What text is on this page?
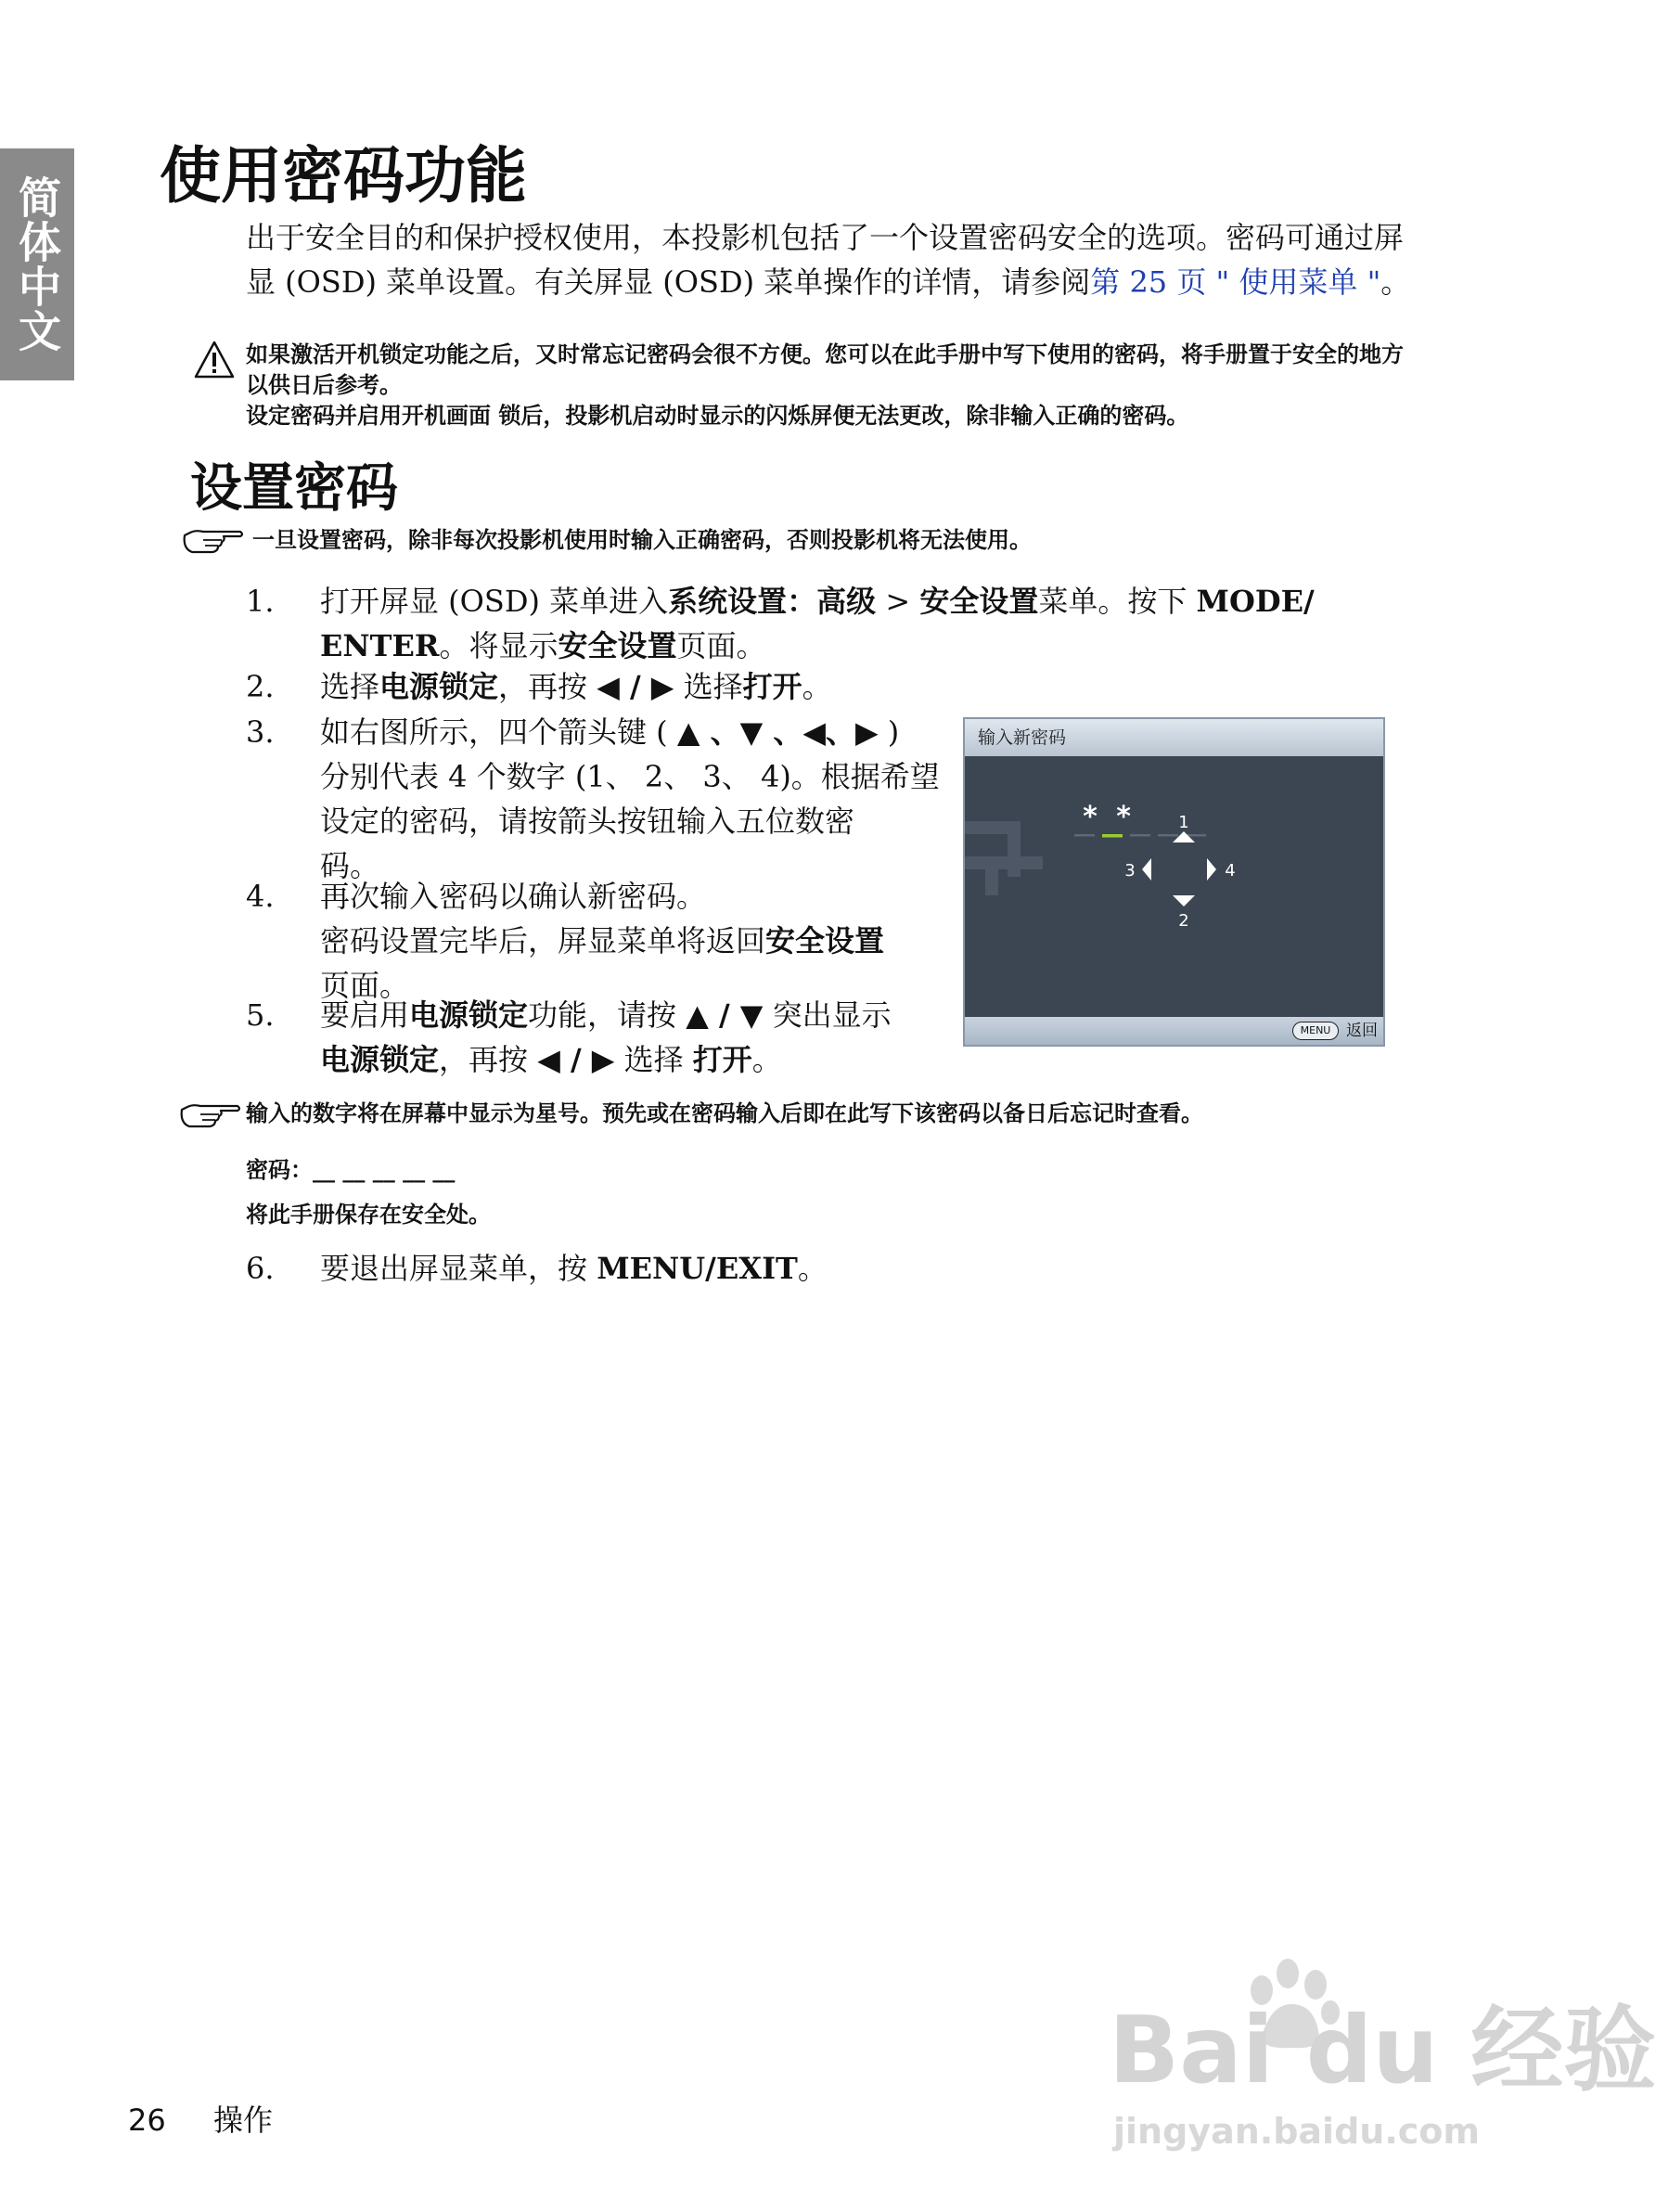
简体中文 使用密码功能
出于安全目的和保护授权使用，本投影机包括了一个设置密码安全的选项。密码可通过屏显 (OSD) 菜单设置。有关屏显 (OSD) 菜单操作的详情，请参阅第 25 页 " 使用菜单 "。
如果激活开机锁定功能之后，又时常忘记密码会很不方便。您可以在此手册中写下使用的密码，将手册置于安全的地方以供日后参考。
设定密码并启用开机画面 锁后，投影机启动时显示的闪烁屏便无法更改，除非输入正确的密码。
设置密码
一旦设置密码，除非每次投影机使用时输入正确密码，否则投影机将无法使用。
1.	打开屏显 (OSD) 菜单进入系统设置：高级 > 安全设置菜单。按下 MODE/
ENTER。将显示安全设置页面。
2.	选择电源锁定，再按 ◀ / ▶ 选择打开。
3.	如右图所示，四个箭头键 ( ▲ 、▼ 、◀、▶ )
分别代表 4 个数字 (1、 2、 3、 4)。根据希望
设定的密码，请按箭头按钮输入五位数密
码。
4.	再次输入密码以确认新密码。
密码设置完毕后，屏显菜单将返回安全设置
页面。
5.	要启用电源锁定功能，请按 ▲ / ▼ 突出显示
电源锁定，再按 ◀ / ▶ 选择 打开。
输入新密码
* *	1
3	4
2
MENU 返回
输入的数字将在屏幕中显示为星号。预先或在密码输入后即在此写下该密码以备日后忘记时查看。
密码：__ __ __ __ __
将此手册保存在安全处。
6.	要退出屏显菜单，按 MENU/EXIT。
Bai du 经验
jingyan.baidu.com
26 操作
